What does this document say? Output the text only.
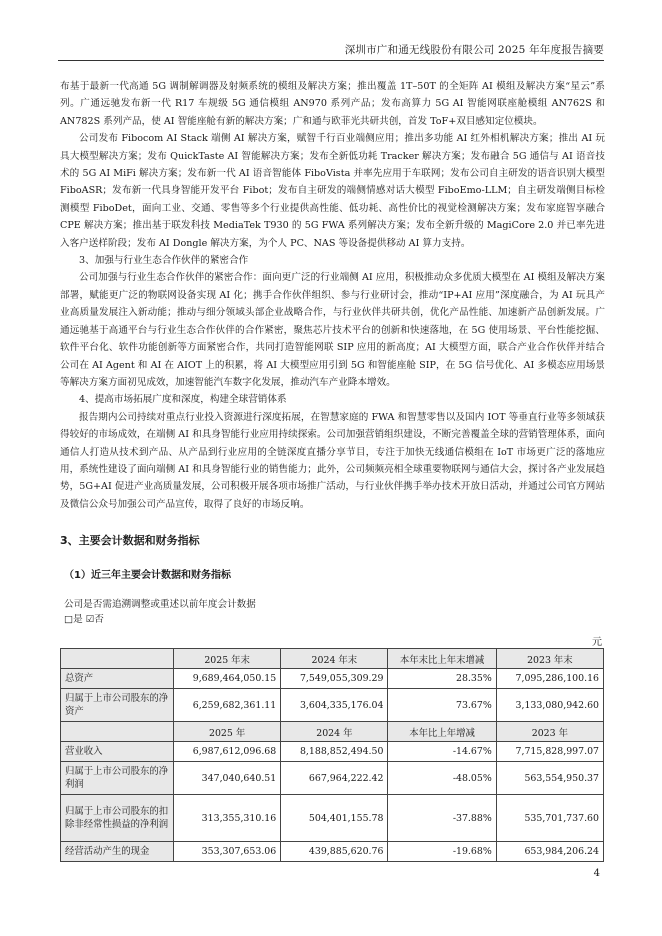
深圳市广和通无线股份有限公司 2025 年年度报告摘要

布基于最新一代高通 5G 调制解调器及射频系统的模组及解决方案；推出覆盖 1T–50T 的全矩阵 AI 模组及解决方案“星云”系列。广通远驰发布新一代 R17 车规级 5G 通信模组 AN970 系列产品；发布高算力 5G AI 智能网联座舱模组 AN762S 和 AN782S 系列产品，使 AI 智能座舱有新的解决方案；广和通与欧菲光共研共创，首发 ToF+双目感知定位模块。

公司发布 Fibocom AI Stack 端侧 AI 解决方案，赋智千行百业端侧应用；推出多功能 AI 红外相机解决方案；推出 AI 玩具大模型解决方案；发布 QuickTaste AI 智能解决方案；发布全新低功耗 Tracker 解决方案；发布融合 5G 通信与 AI 语音技术的 5G AI MiFi 解决方案；发布新一代 AI 语音智能体 FiboVista 并率先应用于车联网；发布公司自主研发的语音识别大模型 FiboASR；发布新一代具身智能开发平台 Fibot；发布自主研发的端侧情感对话大模型 FiboEmo-LLM；自主研发端侧目标检测模型 FiboDet，面向工业、交通、零售等多个行业提供高性能、低功耗、高性价比的视觉检测解决方案；发布家庭智享融合 CPE 解决方案；推出基于联发科技 MediaTek T930 的 5G FWA 系列解决方案；发布全新升级的 MagiCore 2.0 并已率先进入客户送样阶段；发布 AI Dongle 解决方案，为个人 PC、NAS 等设备提供移动 AI 算力支持。

3、加强与行业生态合作伙伴的紧密合作

公司加强与行业生态合作伙伴的紧密合作：面向更广泛的行业端侧 AI 应用，积极推动众多优质大模型在 AI 模组及解决方案部署，赋能更广泛的物联网设备实现 AI 化；携手合作伙伴组织、参与行业研讨会，推动“IP+AI 应用”深度融合，为 AI 玩具产业高质量发展注入新动能；推动与细分领域头部企业战略合作，与行业伙伴共研共创，优化产品性能、加速新产品创新发展。广通远驰基于高通平台与行业生态合作伙伴的合作紧密，聚焦芯片技术平台的创新和快速落地，在 5G 使用场景、平台性能挖掘、软件平台化、软件功能创新等方面紧密合作，共同打造智能网联 SIP 应用的新高度；AI 大模型方面，联合产业合作伙伴并结合公司在 AI Agent 和 AI 在 AIOT 上的积累，将 AI 大模型应用引到 5G 和智能座舱 SIP，在 5G 信号优化、AI 多模态应用场景等解决方案方面初见成效，加速智能汽车数字化发展，推动汽车产业降本增效。

4、提高市场拓展广度和深度，构建全球营销体系

报告期内公司持续对重点行业投入资源进行深度拓展，在智慧家庭的 FWA 和智慧零售以及国内 IOT 等垂直行业等多领域获得较好的市场成效，在端侧 AI 和具身智能行业应用持续探索。公司加强营销组织建设，不断完善覆盖全球的营销管理体系，面向通信人打造从技术到产品、从产品到行业应用的全链深度直播分享节目，专注于加快无线通信模组在 IoT 市场更广泛的落地应用，系统性建设了面向端侧 AI 和具身智能行业的销售能力；此外，公司频频亮相全球重要物联网与通信大会，探讨各产业发展趋势，5G+AI 促进产业高质量发展，公司积极开展各项市场推广活动，与行业伙伴携手举办技术开放日活动，并通过公司官方网站及微信公众号加强公司产品宣传，取得了良好的市场反响。

3、主要会计数据和财务指标
（1）近三年主要会计数据和财务指标
公司是否需追溯调整或重述以前年度会计数据
□是 ☑否
元
	2025 年末	2024 年末	本年末比上年末增减	2023 年末
总资产	9,689,464,050.15	7,549,055,309.29	28.35%	7,095,286,100.16
归属于上市公司股东的净资产	6,259,682,361.11	3,604,335,176.04	73.67%	3,133,080,942.60
	2025 年	2024 年	本年比上年增减	2023 年
营业收入	6,987,612,096.68	8,188,852,494.50	-14.67%	7,715,828,997.07
归属于上市公司股东的净利润	347,040,640.51	667,964,222.42	-48.05%	563,554,950.37
归属于上市公司股东的扣除非经常性损益的净利润	313,355,310.16	504,401,155.78	-37.88%	535,701,737.60
经营活动产生的现金	353,307,653.06	439,885,620.76	-19.68%	653,984,206.24
4
